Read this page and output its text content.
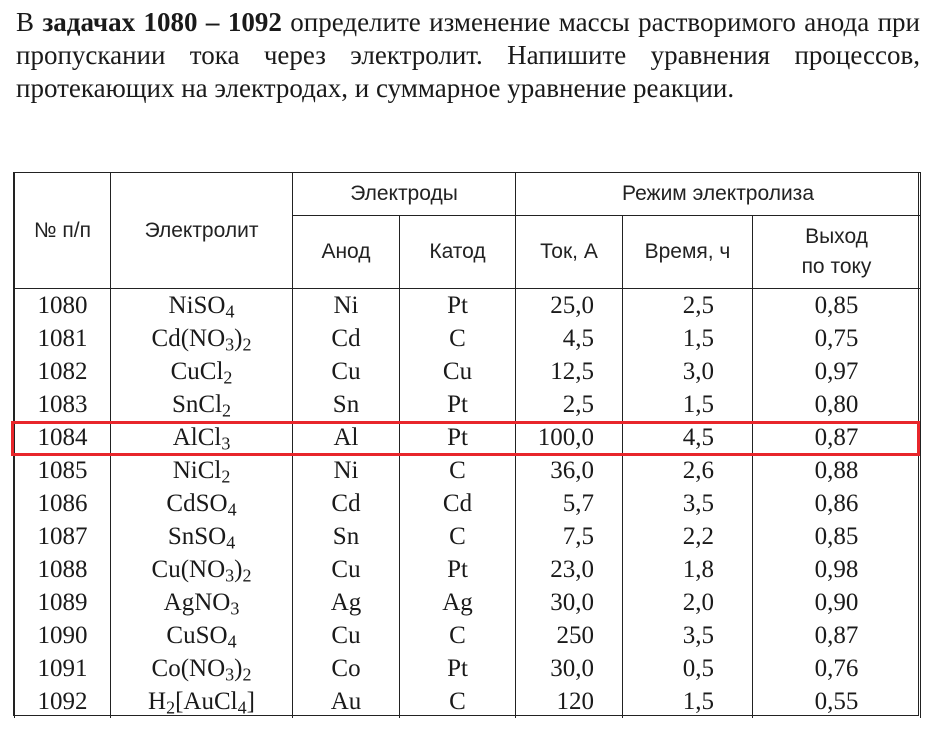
В задачах 1080 – 1092 определите изменение массы растворимого анода при пропускании тока через электролит. Напишите уравнения процессов, протекающих на электродах, и суммарное уравнение реакции.
№ п/п	Электролит	Электроды		Режим электролиза		
		Анод	Катод	Ток, А	Время, ч	Выход по току
1080	NiSO$_4$	Ni	Pt	25,0	2,5	0,85
1081	$Cd(NO_3)_2$	Cd	C	4,5	1,5	0,75
1082	CuCl$_2$	Cu	Cu	12,5	3,0	0,97
1083	SnCl$_2$	Sn	Pt	2,5	1,5	0,80
1084	AlCl$_3$	Al	Pt	100,0	4,5	0,87
1085	NiCl$_2$	Ni	C	36,0	2,6	0,88
1086	CdSO$_4$	Cd	Cd	5,7	3,5	0,86
1087	SnSO$_4$	Sn	C	7,5	2,2	0,85
1088	$Cu(NO_3)_2$	Cu	Pt	23,0	1,8	0,98
1089	AgNO$_3$	Ag	Ag	30,0	2,0	0,90
1090	CuSO$_4$	Cu	C	250	3,5	0,87
1091	$Co(NO_3)_2$	Co	Pt	30,0	0,5	0,76
1092	$H_2[AuCl_4]$	Au	C	120	1,5	0,55
